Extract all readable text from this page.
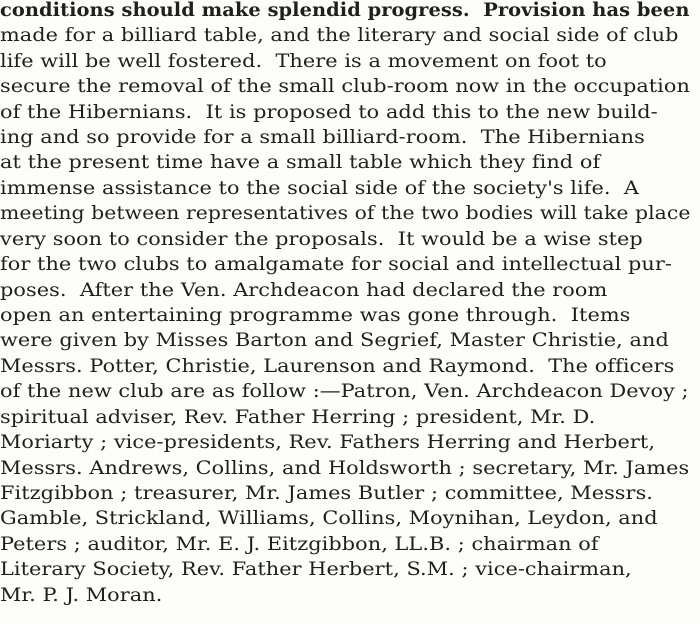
conditions should make splendid progress.  Provision has been

made for a billiard table, and the literary and social side of club

life will be well fostered.  There is a movement on foot to

secure the removal of the small club-room now in the occupation

of the Hibernians.  It is proposed to add this to the new build-

ing and so provide for a small billiard-room.  The Hibernians

at the present time have a small table which they find of

immense assistance to the social side of the society's life.  A

meeting between representatives of the two bodies will take place

very soon to consider the proposals.  It would be a wise step

for the two clubs to amalgamate for social and intellectual pur-

poses.  After the Ven. Archdeacon had declared the room

open an entertaining programme was gone through.  Items

were given by Misses Barton and Segrief, Master Christie, and

Messrs. Potter, Christie, Laurenson and Raymond.  The officers

of the new club are as follow :—Patron, Ven. Archdeacon Devoy ;

spiritual adviser, Rev. Father Herring ; president, Mr. D.

Moriarty ; vice-presidents, Rev. Fathers Herring and Herbert,

Messrs. Andrews, Collins, and Holdsworth ; secretary, Mr. James

Fitzgibbon ; treasurer, Mr. James Butler ; committee, Messrs.

Gamble, Strickland, Williams, Collins, Moynihan, Leydon, and

Peters ; auditor, Mr. E. J. Eitzgibbon, LL.B. ; chairman of

Literary Society, Rev. Father Herbert, S.M. ; vice-chairman,

Mr. P. J. Moran.
